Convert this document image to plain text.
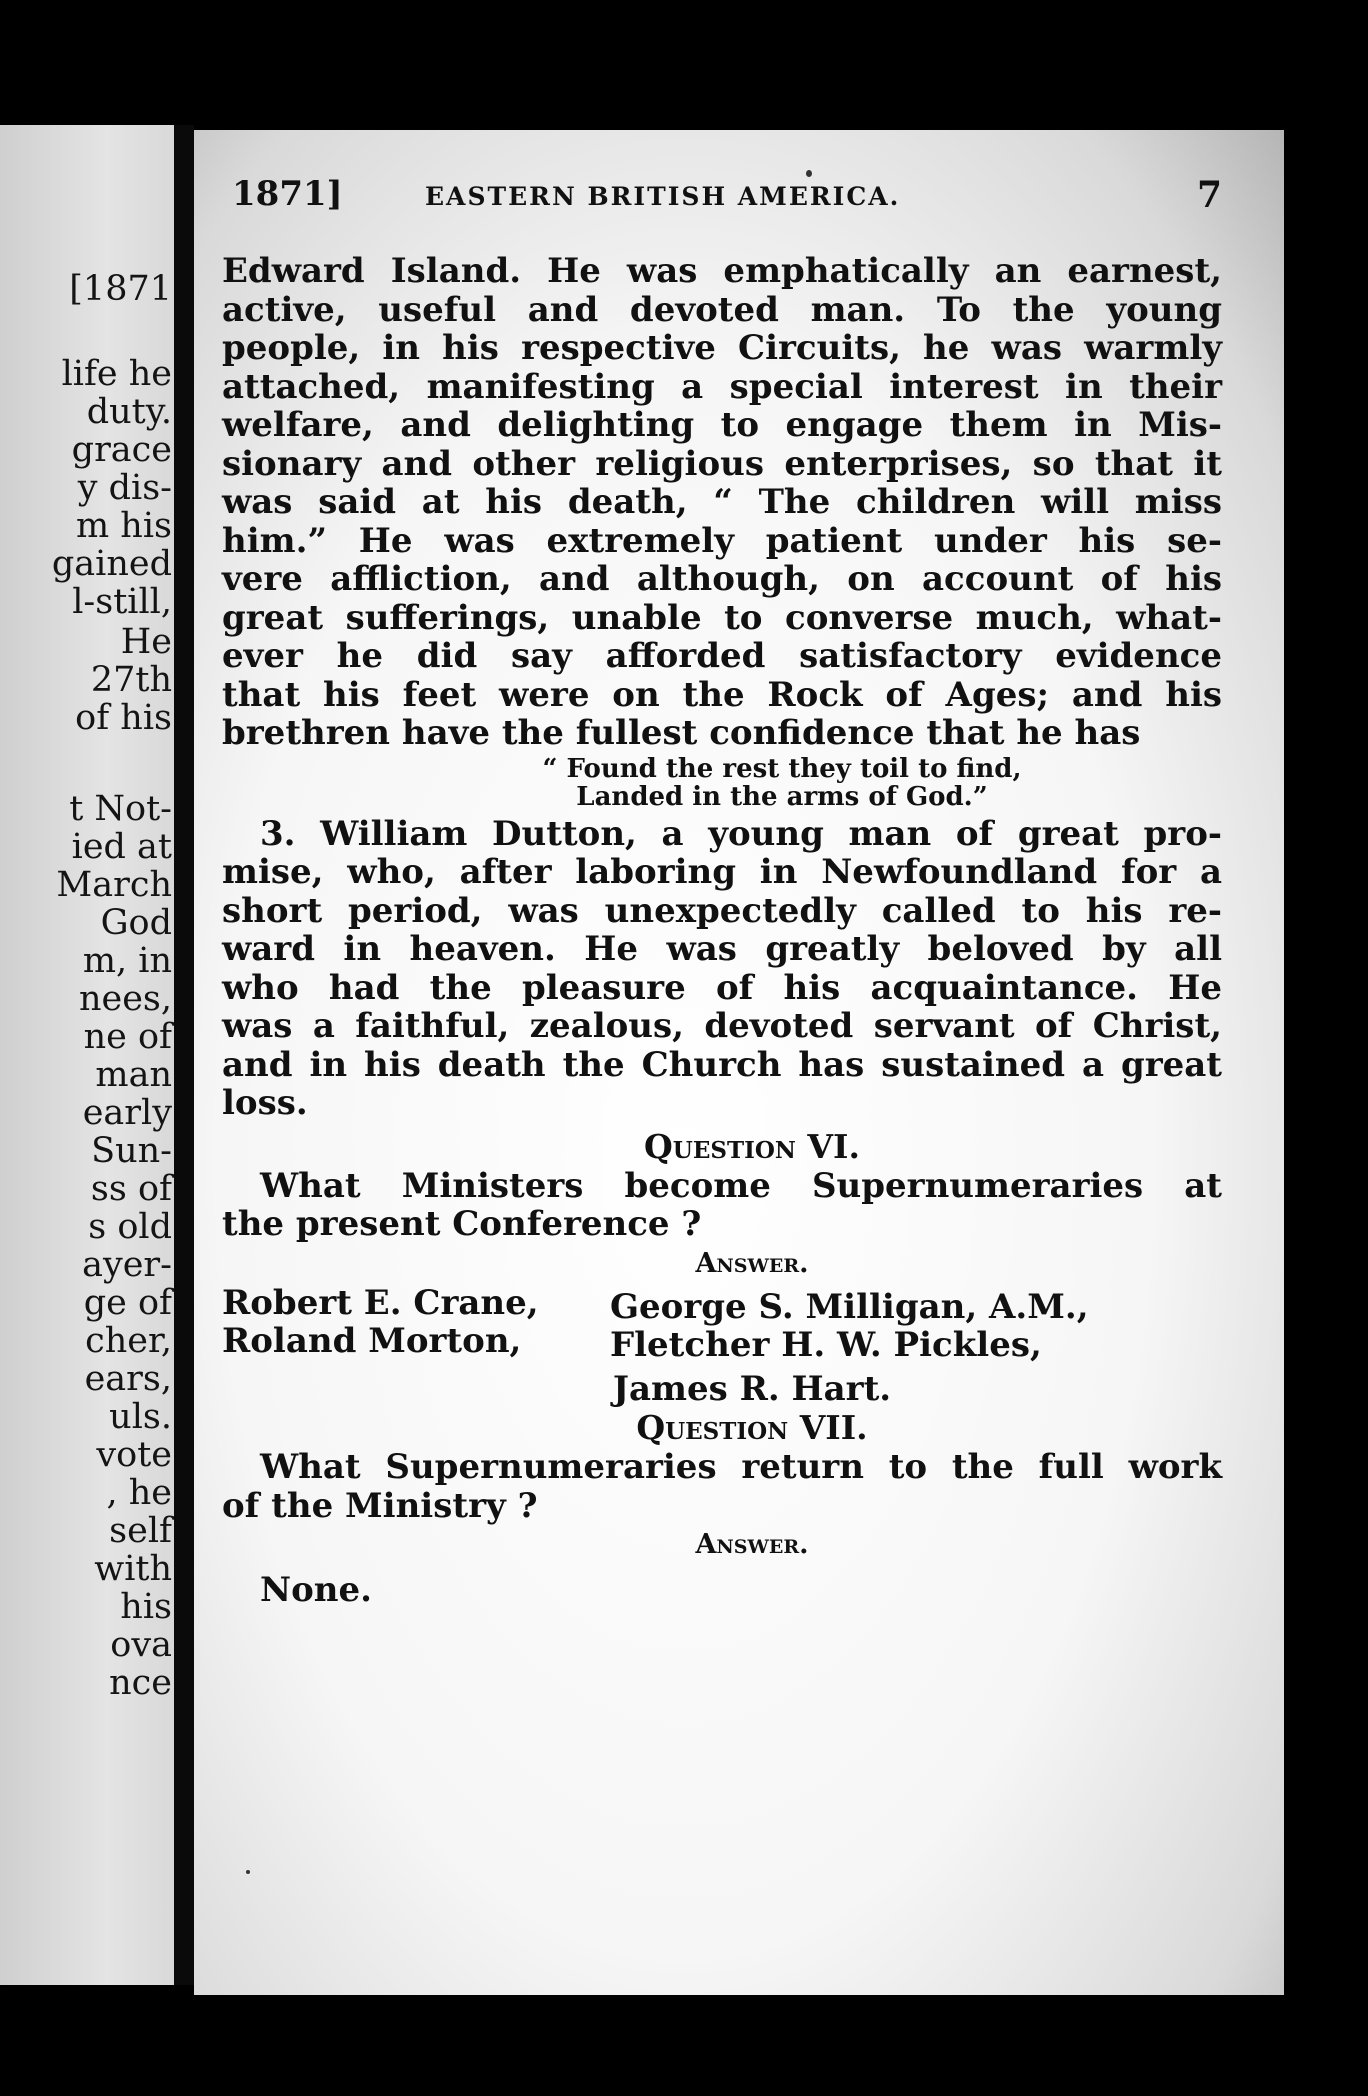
[1871
life he
duty.
grace
y dis-
m his
gained
l-still,
He
27th
of his
t Not-
ied at
March
God
m, in
nees,
ne of
man
early
Sun-
ss of
s old
ayer-
ge of
cher,
ears,
uls.
vote
, he
self
with
his
ova
nce
1871]	EASTERN BRITISH AMERICA.	7
Edward Island. He was emphatically an earnest,
active, useful and devoted man. To the young
people, in his respective Circuits, he was warmly
attached, manifesting a special interest in their
welfare, and delighting to engage them in Mis-
sionary and other religious enterprises, so that it
was said at his death, “ The children will miss
him.” He was extremely patient under his se-
vere affliction, and although, on account of his
great sufferings, unable to converse much, what-
ever he did say afforded satisfactory evidence
that his feet were on the Rock of Ages; and his
brethren have the fullest confidence that he has
“ Found the rest they toil to find,
Landed in the arms of God.”
3. William Dutton, a young man of great pro-
mise, who, after laboring in Newfoundland for a
short period, was unexpectedly called to his re-
ward in heaven. He was greatly beloved by all
who had the pleasure of his acquaintance. He
was a faithful, zealous, devoted servant of Christ,
and in his death the Church has sustained a great
loss.
Question VI.
What Ministers become Supernumeraries at
the present Conference ?
Answer.
Robert E. Crane, George S. Milligan, A.M.,
Roland Morton,	Fletcher H. W. Pickles,
James R. Hart.
Question VII.
What Supernumeraries return to the full work
of the Ministry ?
Answer.
None.
